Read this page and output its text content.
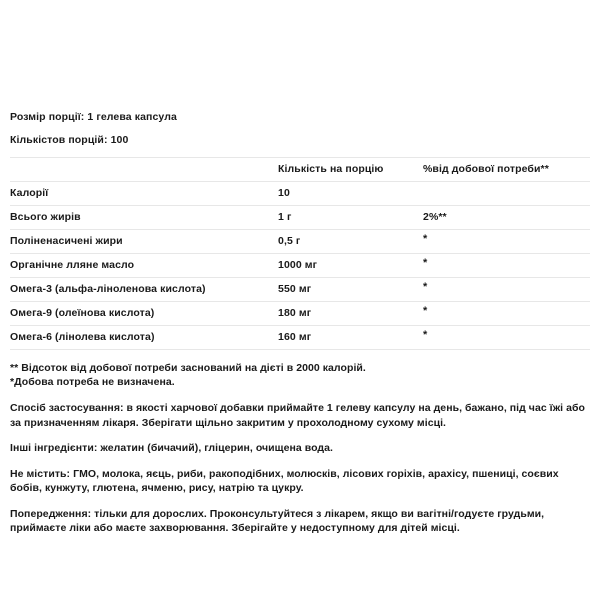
Розмір порції: 1 гелева капсула

Кількістов порцій: 100

	Кількість на порцію	%від добової потреби**
Калорії	10	
Всього жирів	1 г	2%**
Поліненасичені жири	0,5 г	*
Органічне лляне масло	1000 мг	*
Омега-3 (альфа-ліноленова кислота)	550 мг	*
Омега-9 (олеїнова кислота)	180 мг	*
Омега-6 (лінолева кислота)	160 мг	*

** Відсоток від добової потреби заснований на дієті в 2000 калорій.

*Добова потреба не визначена.

Спосіб застосування: в якості харчової добавки приймайте 1 гелеву капсулу на день, бажано, під час їжі або за призначенням лікаря. Зберігати щільно закритим у прохолодному сухому місці.

Інші інгредієнти: желатин (бичачий), гліцерин, очищена вода.

Не містить: ГМО, молока, яєць, риби, ракоподібних, молюсків, лісових горіхів, арахісу, пшениці, соєвих бобів, кунжуту, глютена, ячменю, рису, натрію та цукру.

Попередження: тільки для дорослих. Проконсультуйтеся з лікарем, якщо ви вагітні/годуєте грудьми, приймаєте ліки або маєте захворювання. Зберігайте у недоступному для дітей місці.
